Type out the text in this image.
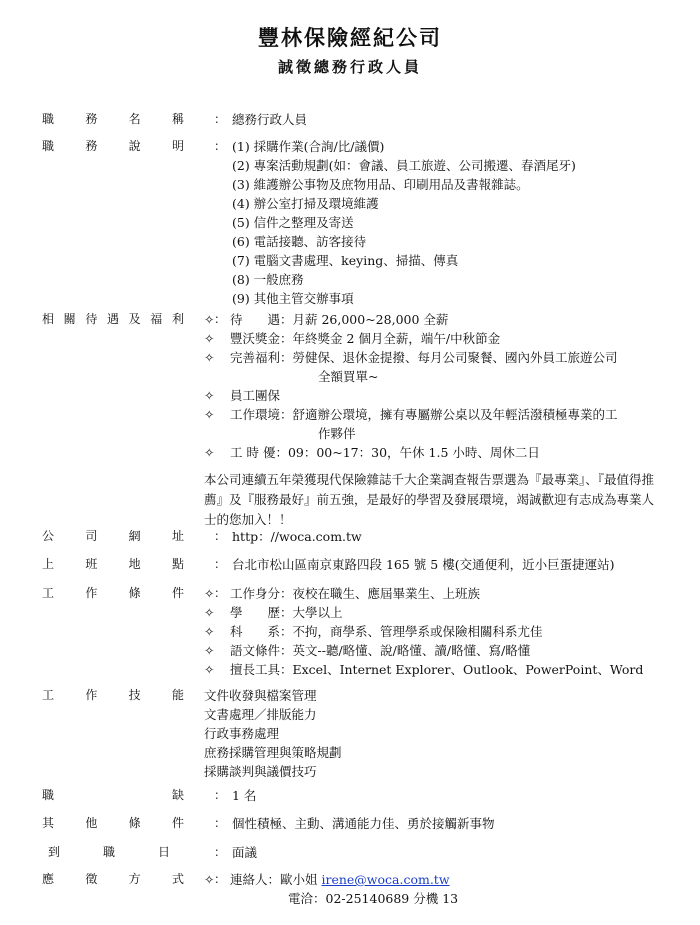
豐林保險經紀公司
誠徵總務行政人員
職	務	名	稱	： 總務行政人員
職	務	說	明	： (1) 採購作業(合詢/比/議價)
(2) 專案活動規劃(如：會議、員工旅遊、公司搬遷、春酒尾牙)
(3) 維護辦公事物及庶物用品、印刷用品及書報雜誌。
(4) 辦公室打掃及環境維護
(5) 信件之整理及寄送
(6) 電話接聽、訪客接待
(7) 電腦文書處理、keying、掃描、傳真
(8) 一般庶務
(9) 其他主管交辦事項
相 關 待 遇 及 福 利	：
✧ 待　　遇：月薪 26,000~28,000 全薪
✧ 豐沃獎金：年終獎金 2 個月全薪，端午/中秋節金
✧ 完善福利：勞健保、退休金提撥、每月公司聚餐、國內外員工旅遊公司
全額買單~
✧ 員工團保
✧ 工作環境：舒適辦公環境，擁有專屬辦公桌以及年輕活潑積極專業的工
作夥伴
✧ 工 時 優：09：00~17：30，午休 1.5 小時、周休二日
本公司連續五年榮獲現代保險雜誌千大企業調查報告票選為『最專業』、『最值得推薦』及『服務最好』前五強，是最好的學習及發展環境，竭誠歡迎有志成為專業人士的您加入！！
公	司	網	址	： http：//woca.com.tw
上	班	地	點	： 台北市松山區南京東路四段 165 號 5 樓(交通便利，近小巨蛋捷運站)
工	作	條	件	：
✧ 工作身分：夜校在職生、應屆畢業生、上班族
✧ 學　　歷：大學以上
✧ 科　　系：不拘，商學系、管理學系或保險相關科系尤佳
✧ 語文條件：英文--聽/略懂、說/略懂、讀/略懂、寫/略懂
✧ 擅長工具：Excel、Internet Explorer、Outlook、PowerPoint、Word
工	作	技	能 文件收發與檔案管理
文書處理／排版能力
行政事務處理
庶務採購管理與策略規劃
採購談判與議價技巧
職	缺	： 1 名
其	他	條	件	： 個性積極、主動、溝通能力佳、勇於接觸新事物
到	職	日	： 面議
應	徵	方	式	：
✧ 連絡人：歐小姐 irene@woca.com.tw
電洽：02-25140689 分機 13
